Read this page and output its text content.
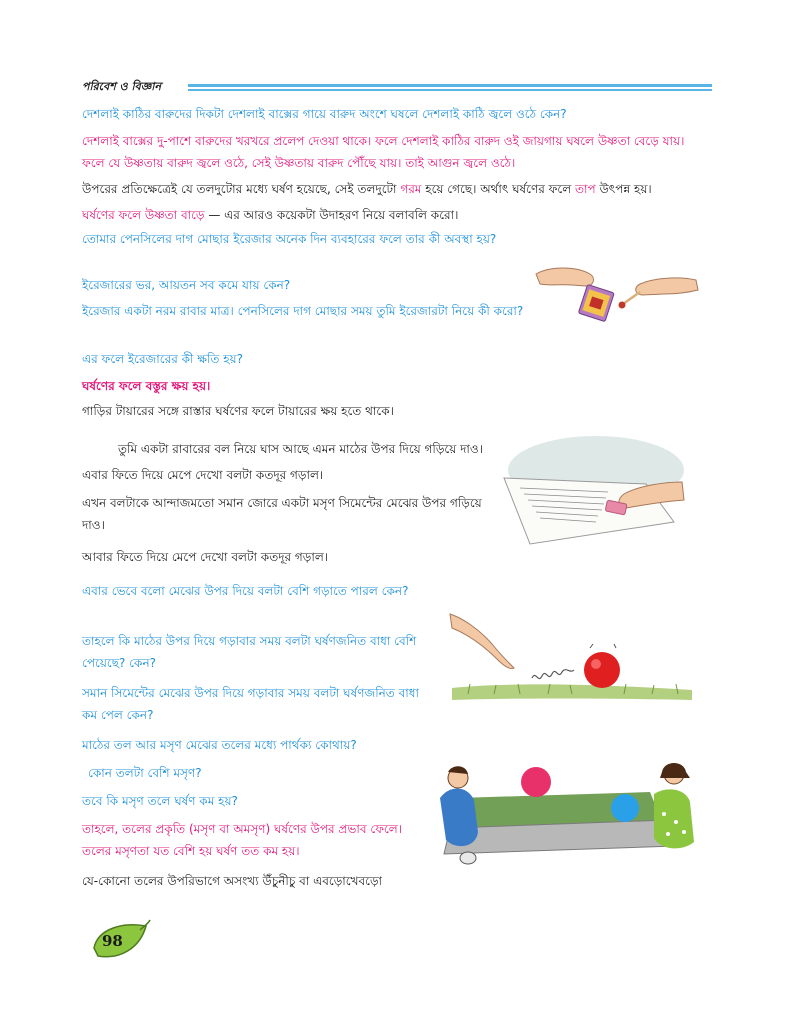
পরিবেশ ও বিজ্ঞান
দেশলাই কাঠির বারুদের দিকটা দেশলাই বাক্সের গায়ে বারুদ অংশে ঘষলে দেশলাই কাঠি জ্বলে ওঠে কেন?
দেশলাই বাক্সের দু-পাশে বারুদের খরখরে প্রলেপ দেওয়া থাকে। ফলে দেশলাই কাঠির বারুদ ওই জায়গায় ঘষলে উষ্ণতা বেড়ে যায়।
ফলে যে উষ্ণতায় বারুদ জ্বলে ওঠে, সেই উষ্ণতায় বারুদ পৌঁছে যায়। তাই আগুন জ্বলে ওঠে।
উপরের প্রতিক্ষেত্রেই যে তলদুটোর মধ্যে ঘর্ষণ হয়েছে, সেই তলদুটো গরম হয়ে গেছে। অর্থাৎ ঘর্ষণের ফলে তাপ উৎপন্ন হয়।
ঘর্ষণের ফলে উষ্ণতা বাড়ে — এর আরও কয়েকটা উদাহরণ নিয়ে বলাবলি করো।
তোমার পেনসিলের দাগ মোছার ইরেজার অনেক দিন ব্যবহারের ফলে তার কী অবস্থা হয়?
ইরেজারের ভর, আয়তন সব কমে যায় কেন?
ইরেজার একটা নরম রাবার মাত্র। পেনসিলের দাগ মোছার সময় তুমি ইরেজারটা নিয়ে কী করো?
এর ফলে ইরেজারের কী ক্ষতি হয়?
ঘর্ষণের ফলে বস্তুর ক্ষয় হয়।
গাড়ির টায়ারের সঙ্গে রাস্তার ঘর্ষণের ফলে টায়ারের ক্ষয় হতে থাকে।
তুমি একটা রাবারের বল নিয়ে ঘাস আছে এমন মাঠের উপর দিয়ে গড়িয়ে দাও।
এবার ফিতে দিয়ে মেপে দেখো বলটা কতদূর গড়াল।
এখন বলটাকে আন্দাজমতো সমান জোরে একটা মসৃণ সিমেন্টের মেঝের উপর গড়িয়ে দাও।
আবার ফিতে দিয়ে মেপে দেখো বলটা কতদূর গড়াল।
এবার ভেবে বলো মেঝের উপর দিয়ে বলটা বেশি গড়াতে পারল কেন?
তাহলে কি মাঠের উপর দিয়ে গড়াবার সময় বলটা ঘর্ষণজনিত বাধা বেশি পেয়েছে? কেন?
সমান সিমেন্টের মেঝের উপর দিয়ে গড়াবার সময় বলটা ঘর্ষণজনিত বাধা কম পেল কেন?
মাঠের তল আর মসৃণ মেঝের তলের মধ্যে পার্থক্য কোথায়?
কোন তলটা বেশি মসৃণ?
তবে কি মসৃণ তলে ঘর্ষণ কম হয়?
তাহলে, তলের প্রকৃতি (মসৃণ বা অমসৃণ) ঘর্ষণের উপর প্রভাব ফেলে।
তলের মসৃণতা যত বেশি হয় ঘর্ষণ তত কম হয়।
যে-কোনো তলের উপরিভাগে অসংখ্য উঁচুনীচু বা এবড়োখেবড়ো
98
